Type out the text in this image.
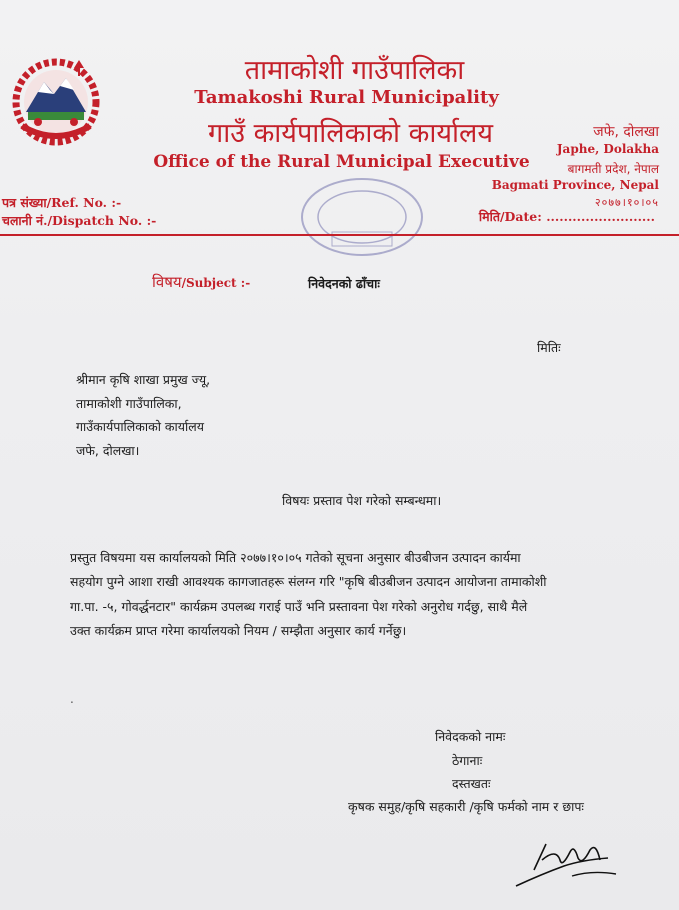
तामाकोशी गाउँपालिका
Tamakoshi Rural Municipality
गाउँ कार्यपालिकाको कार्यालय
Office of the Rural Municipal Executive
जफे, दोलखा
Japhe, Dolakha
बागमती प्रदेश, नेपाल
Bagmati Province, Nepal
२०७७।१०।०५
पत्र संख्या/Ref. No. :-
चलानी नं./Dispatch No. :-	मिति/Date: .........................
विषय/Subject :-	निवेदनको ढाँचाः
मितिः
श्रीमान कृषि शाखा प्रमुख ज्यू,
तामाकोशी गाउँपालिका,
गाउँकार्यपालिकाको कार्यालय
जफे, दोलखा।
विषयः प्रस्ताव पेश गरेको सम्बन्धमा।
प्रस्तुत विषयमा यस कार्यालयको मिति २०७७।१०।०५ गतेको सूचना अनुसार बीउबीजन उत्पादन कार्यमा
सहयोग पुग्ने आशा राखी आवश्यक कागजातहरू संलग्न गरि "कृषि बीउबीजन उत्पादन आयोजना तामाकोशी
गा.पा. -५, गोवर्द्धनटार" कार्यक्रम उपलब्ध गराई पाउँ भनि प्रस्तावना पेश गरेको अनुरोध गर्दछु, साथै मैले
उक्त कार्यक्रम प्राप्त गरेमा कार्यालयको नियम / सम्झैता अनुसार कार्य गर्नेछु।
.
निवेदकको नामः
ठेगानाः
दस्तखतः
कृषक समुह/कृषि सहकारी /कृषि फर्मको नाम र छापः
